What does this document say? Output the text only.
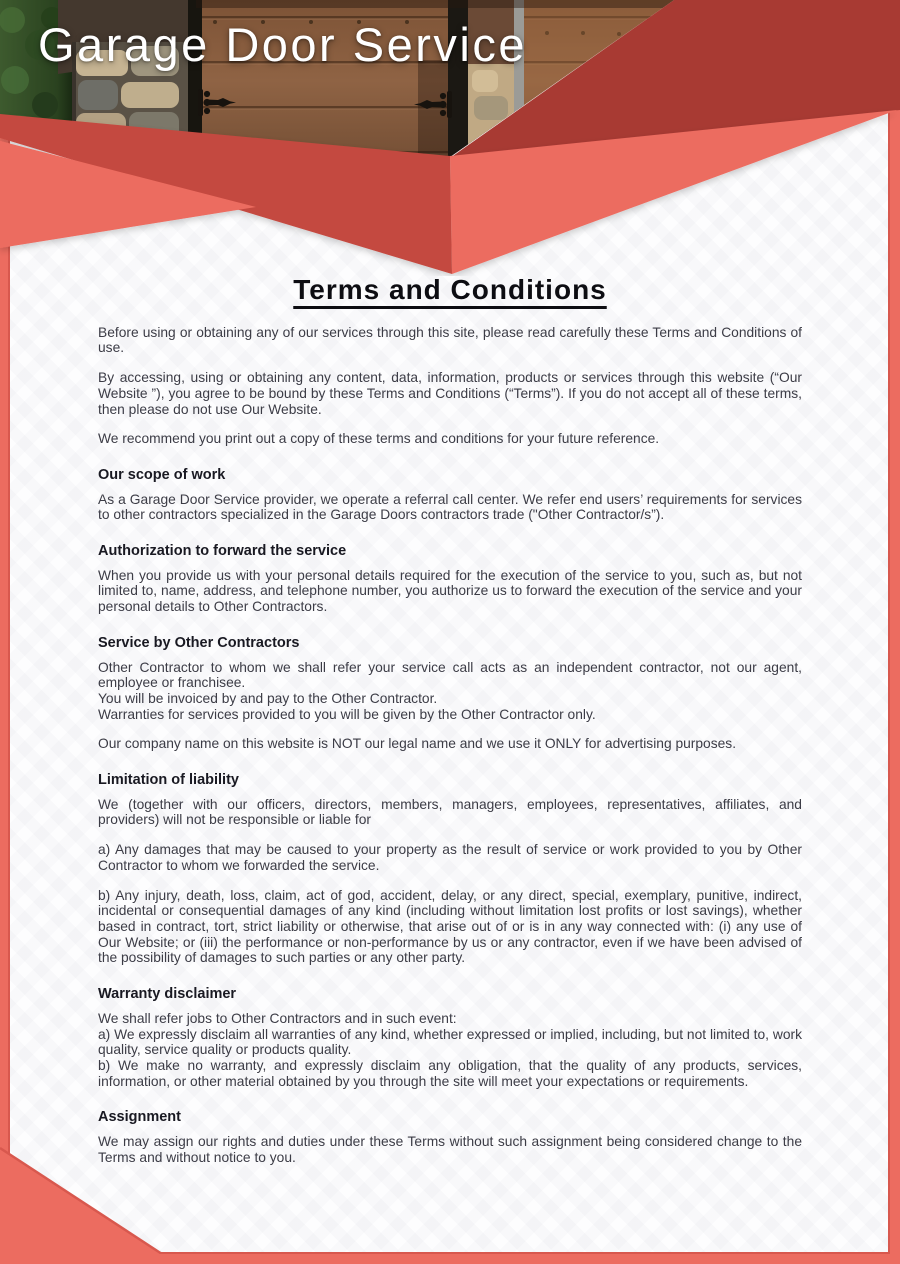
Garage Door Service
Terms and Conditions

Before using or obtaining any of our services through this site, please read carefully these Terms and Conditions of use.

By accessing, using or obtaining any content, data, information, products or services through this website (“Our Website ”), you agree to be bound by these Terms and Conditions (“Terms”). If you do not accept all of these terms, then please do not use Our Website.

We recommend you print out a copy of these terms and conditions for your future reference.

Our scope of work

As a Garage Door Service provider, we operate a referral call center. We refer end users’ requirements for services to other contractors specialized in the Garage Doors contractors trade ("Other Contractor/s”).

Authorization to forward the service

When you provide us with your personal details required for the execution of the service to you, such as, but not limited to, name, address, and telephone number, you authorize us to forward the execution of the service and your personal details to Other Contractors.

Service by Other Contractors

Other Contractor to whom we shall refer your service call acts as an independent contractor, not our agent, employee or franchisee.
You will be invoiced by and pay to the Other Contractor.
Warranties for services provided to you will be given by the Other Contractor only.

Our company name on this website is NOT our legal name and we use it ONLY for advertising purposes.

Limitation of liability

We (together with our officers, directors, members, managers, employees, representatives, affiliates, and providers) will not be responsible or liable for

a) Any damages that may be caused to your property as the result of service or work provided to you by Other Contractor to whom we forwarded the service.

b) Any injury, death, loss, claim, act of god, accident, delay, or any direct, special, exemplary, punitive, indirect, incidental or consequential damages of any kind (including without limitation lost profits or lost savings), whether based in contract, tort, strict liability or otherwise, that arise out of or is in any way connected with: (i) any use of Our Website; or (iii) the performance or non-performance by us or any contractor, even if we have been advised of the possibility of damages to such parties or any other party.

Warranty disclaimer

We shall refer jobs to Other Contractors and in such event:
a) We expressly disclaim all warranties of any kind, whether expressed or implied, including, but not limited to, work quality, service quality or products quality.
b) We make no warranty, and expressly disclaim any obligation, that the quality of any products, services, information, or other material obtained by you through the site will meet your expectations or requirements.

Assignment

We may assign our rights and duties under these Terms without such assignment being considered change to the Terms and without notice to you.
